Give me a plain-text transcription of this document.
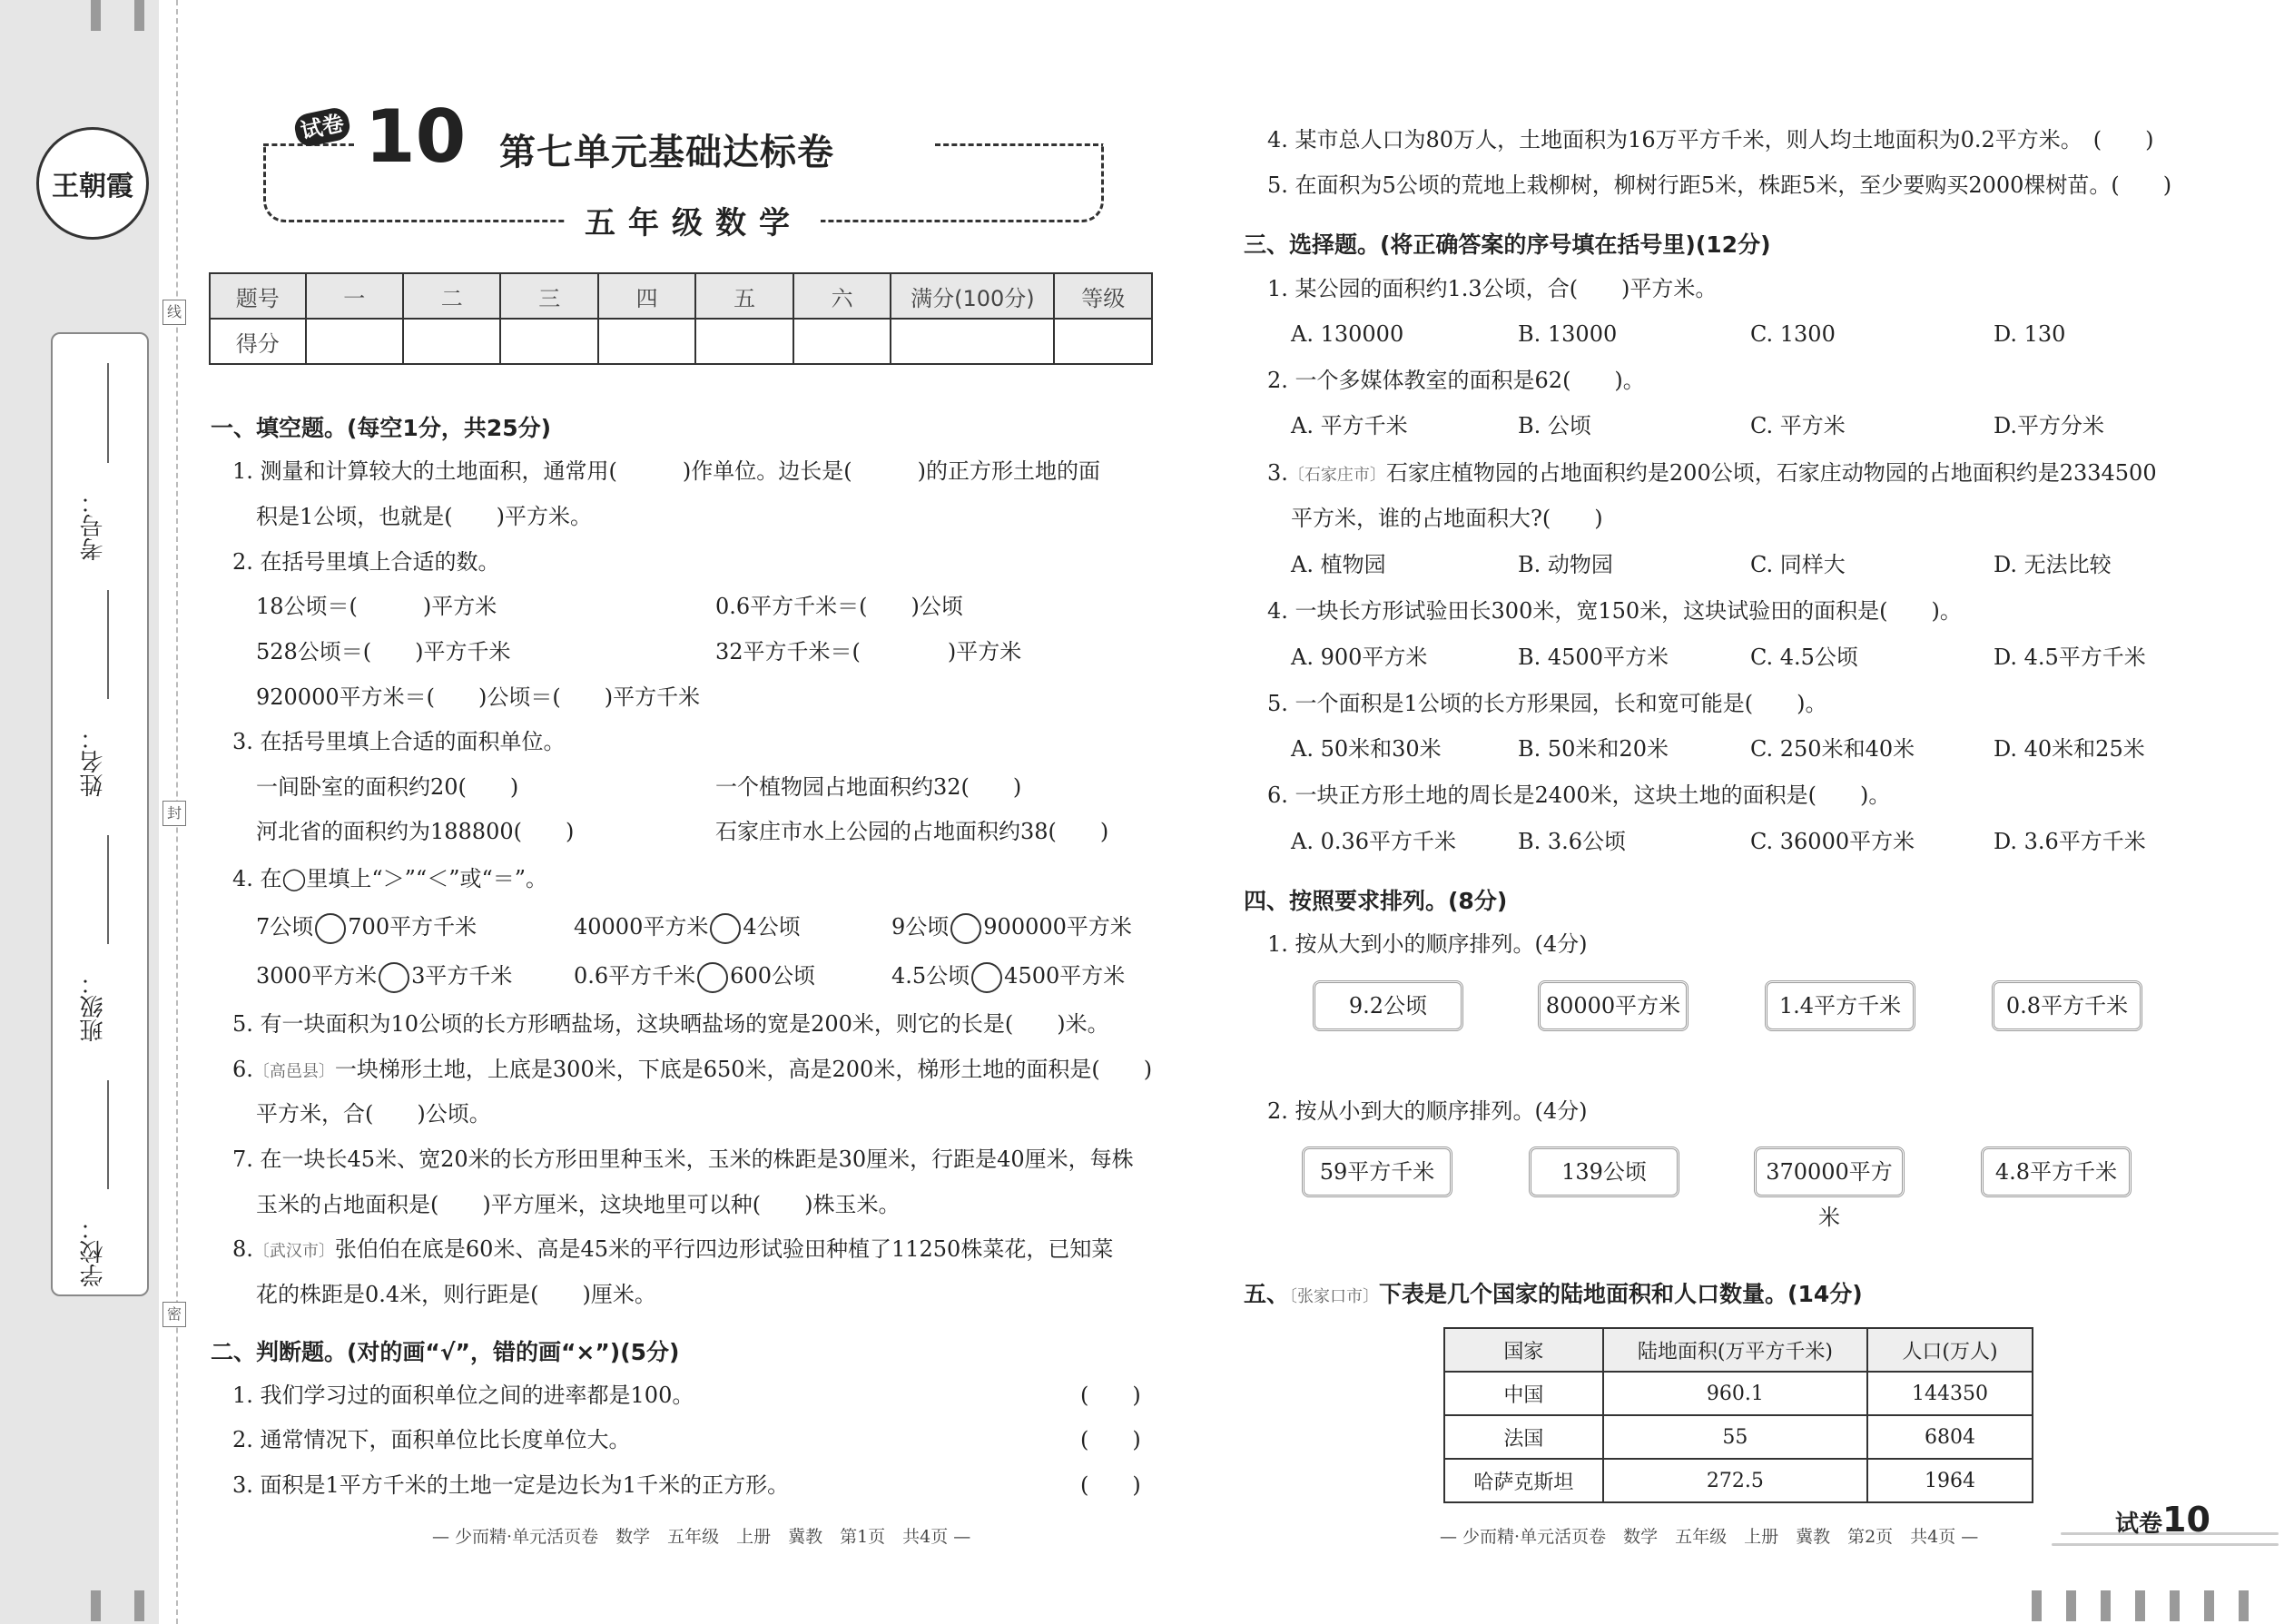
王朝霞
考号：
姓名：
班级：
学校：
线
封
密
试卷 10 第七单元基础达标卷
五年级数学
题号	一	二	三	四	五	六	满分(100分)	等级
得分								
一、填空题。(每空1分，共25分)
1. 测量和计算较大的土地面积，通常用(　　　)作单位。边长是(　　　)的正方形土地的面
积是1公顷，也就是(　　)平方米。
2. 在括号里填上合适的数。
18公顷＝(　　　)平方米	0.6平方千米＝(　　)公顷
528公顷＝(　　)平方千米	32平方千米＝(　　　　)平方米
920000平方米＝(　　)公顷＝(　　)平方千米
3. 在括号里填上合适的面积单位。
一间卧室的面积约20(　　)	一个植物园占地面积约32(　　)
河北省的面积约为188800(　　)	石家庄市水上公园的占地面积约38(　　)
4. 在◯里填上“＞”“＜”或“＝”。
7公顷 700平方千米	40000平方米 4公顷	9公顷 900000平方米
3000平方米 3平方千米	0.6平方千米 600公顷	4.5公顷 4500平方米
5. 有一块面积为10公顷的长方形晒盐场，这块晒盐场的宽是200米，则它的长是(　　)米。
6.〔高邑县〕一块梯形土地，上底是300米，下底是650米，高是200米，梯形土地的面积是(　　)
平方米，合(　　)公顷。
7. 在一块长45米、宽20米的长方形田里种玉米，玉米的株距是30厘米，行距是40厘米，每株
玉米的占地面积是(　　)平方厘米，这块地里可以种(　　)株玉米。
8.〔武汉市〕张伯伯在底是60米、高是45米的平行四边形试验田种植了11250株菜花，已知菜
花的株距是0.4米，则行距是(　　)厘米。
二、判断题。(对的画“√”，错的画“×”)(5分)
1. 我们学习过的面积单位之间的进率都是100。	(　　)
2. 通常情况下，面积单位比长度单位大。	(　　)
3. 面积是1平方千米的土地一定是边长为1千米的正方形。	(　　)
— 少而精·单元活页卷　数学　五年级　上册　冀教　第1页　共4页 —
4. 某市总人口为80万人，土地面积为16万平方千米，则人均土地面积为0.2平方米。　(　　)
5. 在面积为5公顷的荒地上栽柳树，柳树行距5米，株距5米，至少要购买2000棵树苗。(　　)
三、选择题。(将正确答案的序号填在括号里)(12分)
1. 某公园的面积约1.3公顷，合(　　)平方米。
A. 130000	B. 13000	C. 1300	D. 130
2. 一个多媒体教室的面积是62(　　)。
A. 平方千米	B. 公顷	C. 平方米	D.平方分米
3.〔石家庄市〕石家庄植物园的占地面积约是200公顷，石家庄动物园的占地面积约是2334500
平方米，谁的占地面积大?(　　)
A. 植物园	B. 动物园	C. 同样大	D. 无法比较
4. 一块长方形试验田长300米，宽150米，这块试验田的面积是(　　)。
A. 900平方米	B. 4500平方米	C. 4.5公顷	D. 4.5平方千米
5. 一个面积是1公顷的长方形果园，长和宽可能是(　　)。
A. 50米和30米	B. 50米和20米	C. 250米和40米	D. 40米和25米
6. 一块正方形土地的周长是2400米，这块土地的面积是(　　)。
A. 0.36平方千米	B. 3.6公顷	C. 36000平方米	D. 3.6平方千米
四、按照要求排列。(8分)
1. 按从大到小的顺序排列。(4分)
9.2公顷	80000平方米	1.4平方千米	0.8平方千米
2. 按从小到大的顺序排列。(4分)
59平方千米	139公顷	370000平方米
4.8平方千米
五、〔张家口市〕下表是几个国家的陆地面积和人口数量。(14分)
国家	陆地面积(万平方千米)	人口(万人)
中国	960.1	144350
法国	55	6804
哈萨克斯坦	272.5	1964
— 少而精·单元活页卷　数学　五年级　上册　冀教　第2页　共4页 —	试卷10
